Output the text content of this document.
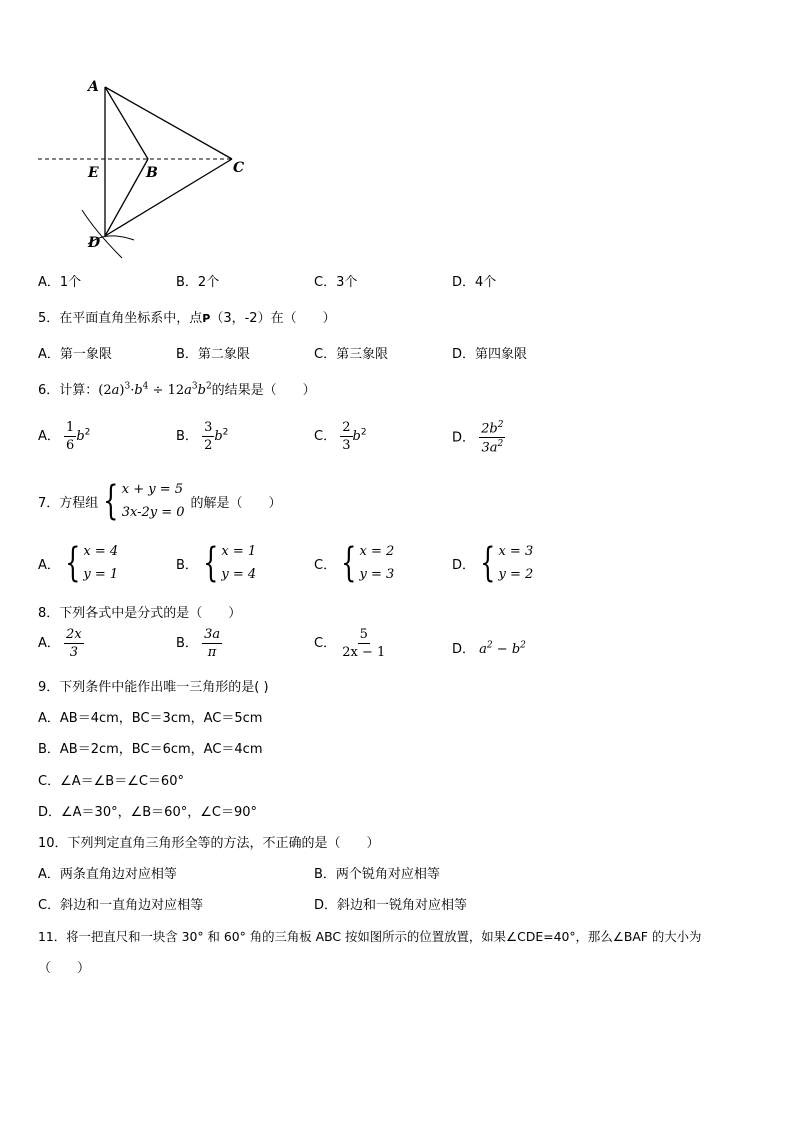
A
E	B	C
D
A．1个	B．2个	C．3个	D．4个
5．在平面直角坐标系中，点P（3，-2）在（　　）
A．第一象限	B．第二象限	C．第三象限	D．第四象限
6．计算：$(2a)^3\cdot b^4 \div 12a^3b^2$的结果是（　　）
A． $\frac{1}{6} b^2$	B． $\frac{3}{2} b^2$	C． $\frac{2}{3} b^2$	D． $\frac{2b^2}{3a^2}$
7．方程组 { x + y = 5
3x-2y = 0
的解是（　　）
A． { x = 4
y = 1
B． { x = 1
y = 4
C． { x = 2
y = 3
D． { x = 3
y = 2
8．下列各式中是分式的是（　　）
A． $\frac{2x}{3}$	B． $\frac{3a}{\pi}$	C． $\frac{5}{2x - 1}$	D． $a^2 - b^2$
9．下列条件中能作出唯一三角形的是( )
A．AB＝4cm，BC＝3cm，AC＝5cm
B．AB＝2cm，BC＝6cm，AC＝4cm
C．∠A＝∠B＝∠C＝60°
D．∠A＝30°，∠B＝60°，∠C＝90°
10．下列判定直角三角形全等的方法，不正确的是（　　）
A．两条直角边对应相等	B．两个锐角对应相等
C．斜边和一直角边对应相等	D．斜边和一锐角对应相等
11．将一把直尺和一块含 30° 和 60° 角的三角板 ABC 按如图所示的位置放置，如果∠CDE=40°，那么∠BAF 的大小为
（　　）
